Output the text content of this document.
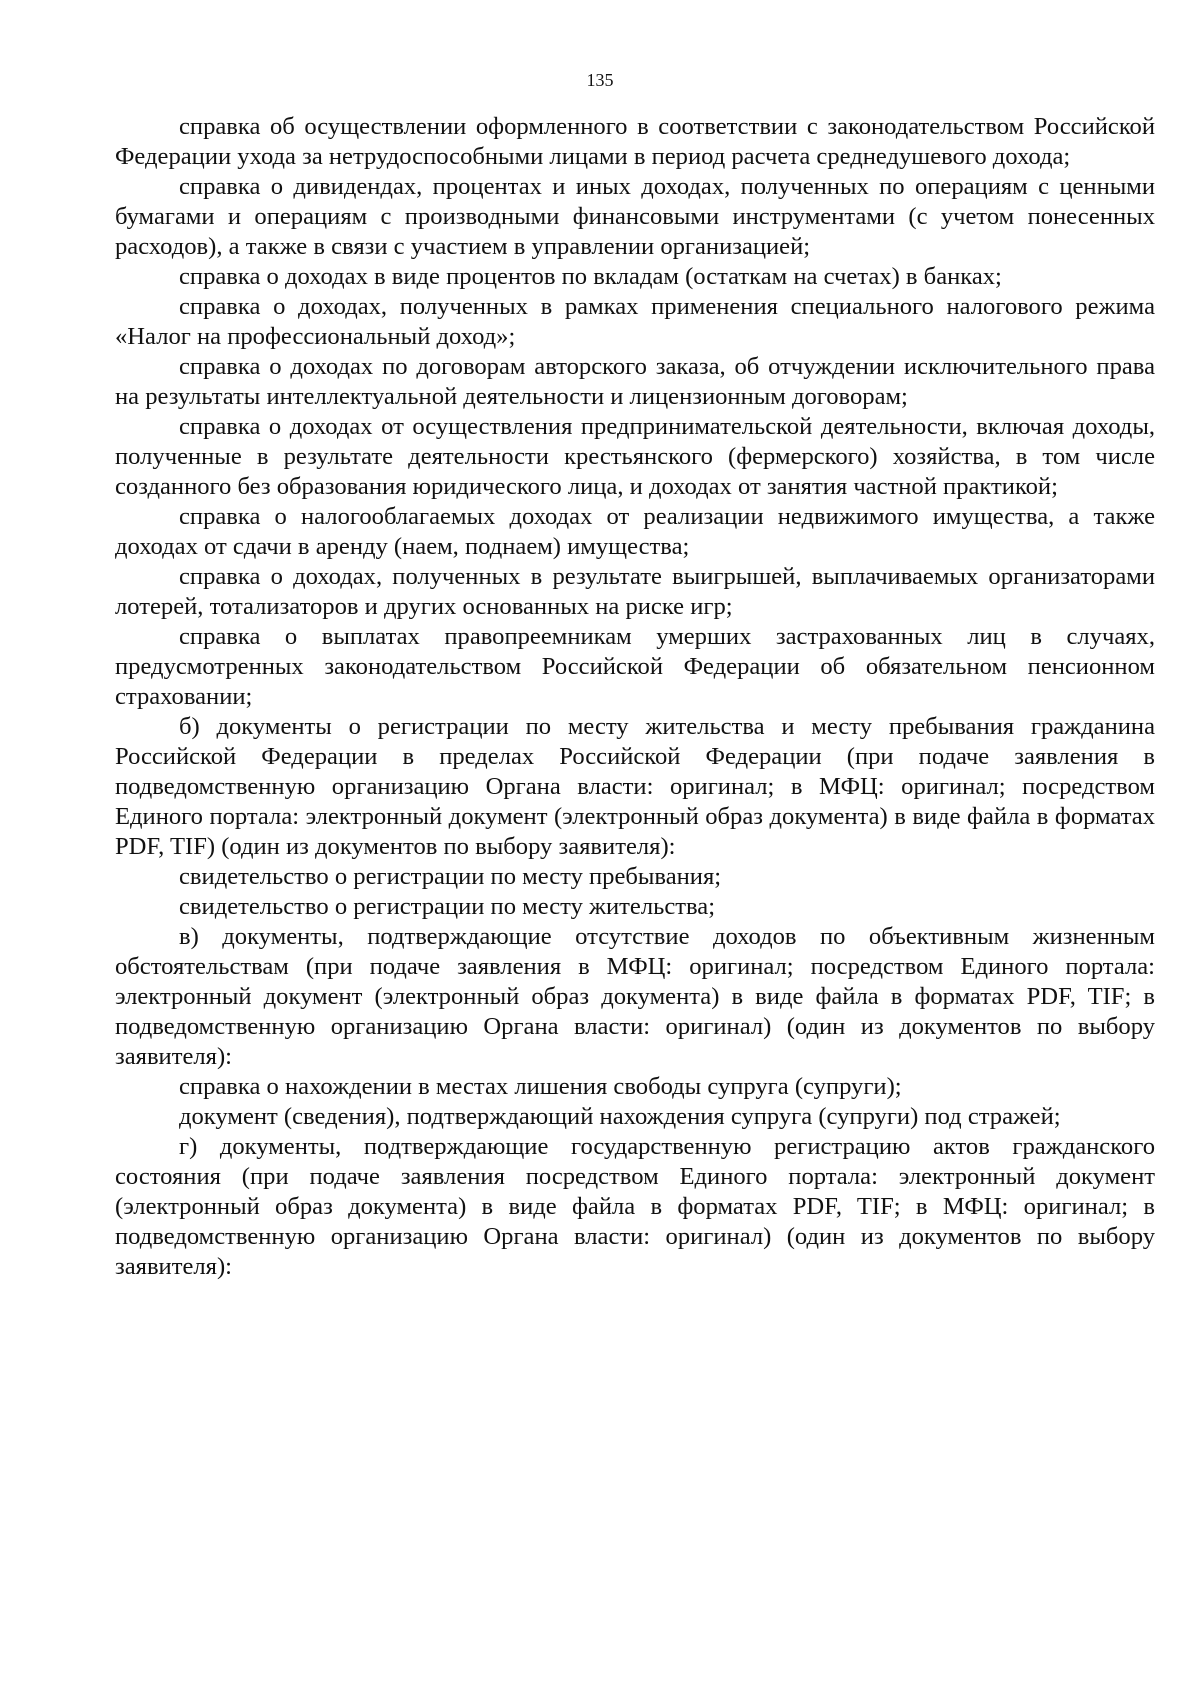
135

справка об осуществлении оформленного в соответствии с законодательством Российской Федерации ухода за нетрудоспособными лицами в период расчета среднедушевого дохода;

справка о дивидендах, процентах и иных доходах, полученных по операциям с ценными бумагами и операциям с производными финансовыми инструментами (с учетом понесенных расходов), а также в связи с участием в управлении организацией;

справка о доходах в виде процентов по вкладам (остаткам на счетах) в банках;

справка о доходах, полученных в рамках применения специального налогового режима «Налог на профессиональный доход»;

справка о доходах по договорам авторского заказа, об отчуждении исключительного права на результаты интеллектуальной деятельности и лицензионным договорам;

справка о доходах от осуществления предпринимательской деятельности, включая доходы, полученные в результате деятельности крестьянского (фермерского) хозяйства, в том числе созданного без образования юридического лица, и доходах от занятия частной практикой;

справка о налогооблагаемых доходах от реализации недвижимого имущества, а также доходах от сдачи в аренду (наем, поднаем) имущества;

справка о доходах, полученных в результате выигрышей, выплачиваемых организаторами лотерей, тотализаторов и других основанных на риске игр;

справка о выплатах правопреемникам умерших застрахованных лиц в случаях, предусмотренных законодательством Российской Федерации об обязательном пенсионном страховании;

б) документы о регистрации по месту жительства и месту пребывания гражданина Российской Федерации в пределах Российской Федерации (при подаче заявления в подведомственную организацию Органа власти: оригинал; в МФЦ: оригинал; посредством Единого портала: электронный документ (электронный образ документа) в виде файла в форматах PDF, TIF) (один из документов по выбору заявителя):

свидетельство о регистрации по месту пребывания;

свидетельство о регистрации по месту жительства;

в) документы, подтверждающие отсутствие доходов по объективным жизненным обстоятельствам (при подаче заявления в МФЦ: оригинал; посредством Единого портала: электронный документ (электронный образ документа) в виде файла в форматах PDF, TIF; в подведомственную организацию Органа власти: оригинал) (один из документов по выбору заявителя):

справка о нахождении в местах лишения свободы супруга (супруги);

документ (сведения), подтверждающий нахождения супруга (супруги) под стражей;

г) документы, подтверждающие государственную регистрацию актов гражданского состояния (при подаче заявления посредством Единого портала: электронный документ (электронный образ документа) в виде файла в форматах PDF, TIF; в МФЦ: оригинал; в подведомственную организацию Органа власти: оригинал) (один из документов по выбору заявителя):
